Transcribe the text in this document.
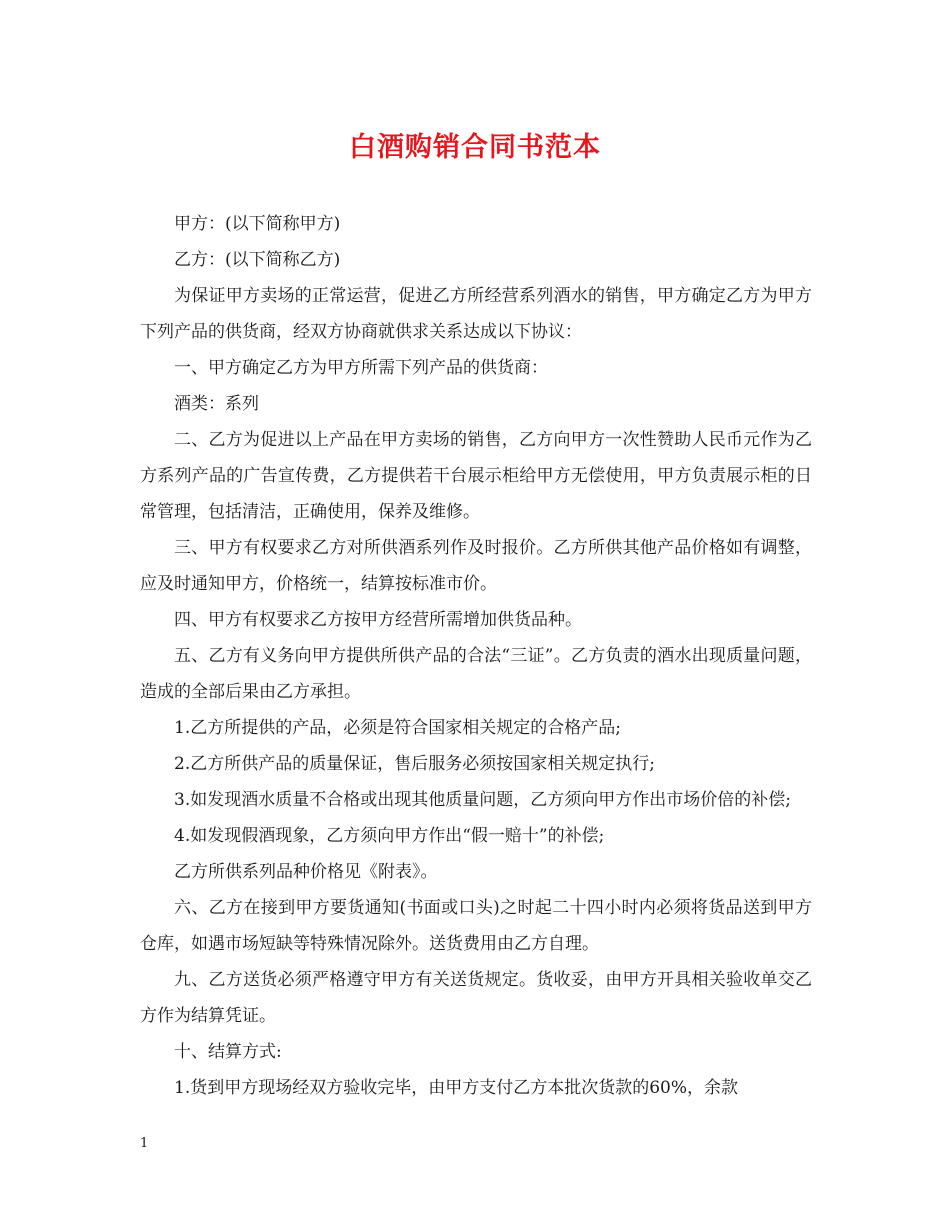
白酒购销合同书范本

甲方：(以下简称甲方)

乙方：(以下简称乙方)

为保证甲方卖场的正常运营，促进乙方所经营系列酒水的销售，甲方确定乙方为甲方下列产品的供货商，经双方协商就供求关系达成以下协议：

一、甲方确定乙方为甲方所需下列产品的供货商：

酒类：系列

二、乙方为促进以上产品在甲方卖场的销售，乙方向甲方一次性赞助人民币元作为乙方系列产品的广告宣传费，乙方提供若干台展示柜给甲方无偿使用，甲方负责展示柜的日常管理，包括清洁，正确使用，保养及维修。

三、甲方有权要求乙方对所供酒系列作及时报价。乙方所供其他产品价格如有调整，应及时通知甲方，价格统一，结算按标准市价。

四、甲方有权要求乙方按甲方经营所需增加供货品种。

五、乙方有义务向甲方提供所供产品的合法“三证”。乙方负责的酒水出现质量问题，造成的全部后果由乙方承担。

1.乙方所提供的产品，必须是符合国家相关规定的合格产品;

2.乙方所供产品的质量保证，售后服务必须按国家相关规定执行;

3.如发现酒水质量不合格或出现其他质量问题，乙方须向甲方作出市场价倍的补偿;

4.如发现假酒现象，乙方须向甲方作出“假一赔十”的补偿;

乙方所供系列品种价格见《附表》。

六、乙方在接到甲方要货通知(书面或口头)之时起二十四小时内必须将货品送到甲方仓库，如遇市场短缺等特殊情况除外。送货费用由乙方自理。

九、乙方送货必须严格遵守甲方有关送货规定。货收妥，由甲方开具相关验收单交乙方作为结算凭证。

十、结算方式:

1.货到甲方现场经双方验收完毕，由甲方支付乙方本批次货款的60%，余款

1
